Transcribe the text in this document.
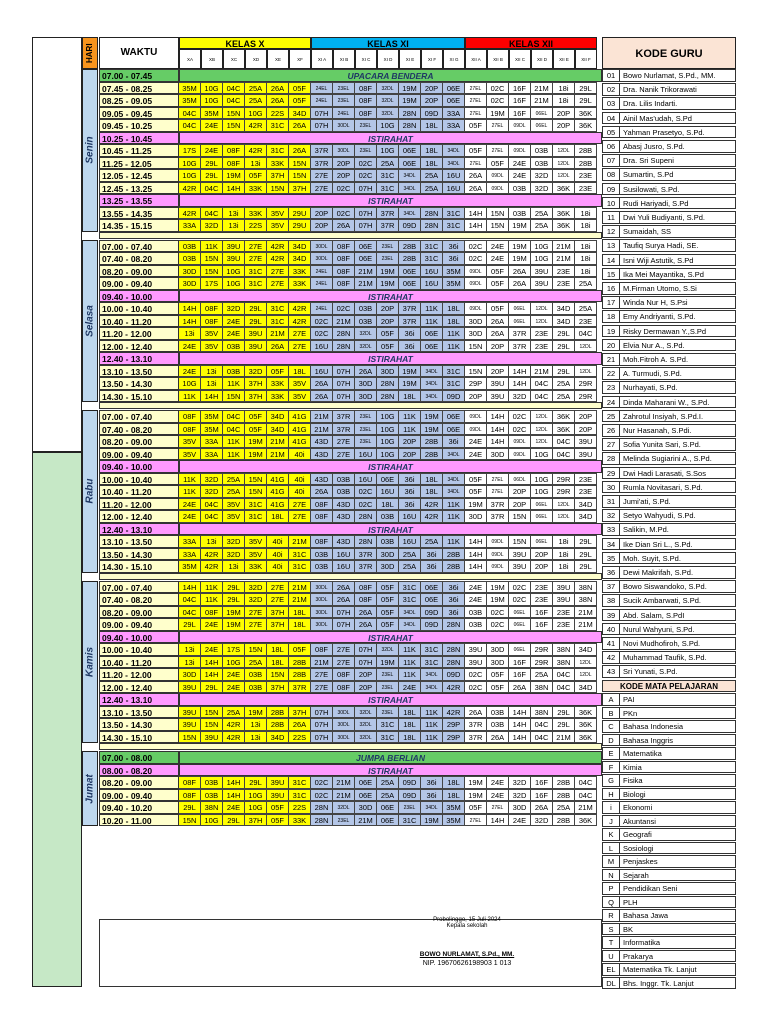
HARI	WAKTU
KELAS X
XA	XB	XC	XD	XE	XF
KELAS XI
XI A	XI B	XI C	XI D	XI E	XI F	XI G
KELAS XII
XII A	XII B	XII C	XII D	XII E	XII F	KODE GURU
07.00 - 07.45	UPACARA BENDERA
07.45 - 08.25	35M	10G	04C	25A	26A	05F	24EL	23EL	08F	32DL	19M	20P	06E	27EL	02C	16F	21M	18i	29L
08.25 - 09.05	35M	10G	04C	25A	26A	05F	24EL	23EL	08F	32DL	19M	20P	06E	27EL	02C	16F	21M	18i	29L
09.05 - 09.45	04C	35M	15N	10G	22S	34D	07H	24EL	08F	32DL	28N	09D	33A	27EL	19M	16F	06EL	20P	36K
09.45 - 10.25	04C	24E	15N	42R	31C	26A	07H	30DL	23EL	10G	28N	18L	33A	05F	27EL	09DL	06EL	20P	36K
10.25 - 10.45	ISTIRAHAT
10.45 - 11.25	17S	24E	08F	42R	31C	26A	37R	30DL	23EL	10G	06E	18L	34DL	05F	27EL	09DL	03B	12DL	28B
11.25 - 12.05	10G	29L	08F	13i	33K	15N	37R	20P	02C	25A	06E	18L	34DL	27EL	05F	24E	03B	12DL	28B
12.05 - 12.45	10G	29L	19M	05F	37H	15N	27E	20P	02C	31C	34DL	25A	16U	26A	09DL	24E	32D	12DL	23E
12.45 - 13.25	42R	04C	14H	33K	15N	37H	27E	02C	07H	31C	34DL	25A	16U	26A	09DL	03B	32D	36K	23E
13.25 - 13.55	ISTIRAHAT
13.55 - 14.35	42R	04C	13i	33K	35V	29U	20P	02C	07H	37R	34DL	28N	31C	14H	15N	03B	25A	36K	18i
14.35 - 15.15	33A	32D	13i	22S	35V	29U	20P	26A	07H	37R	09D	28N	31C	14H	15N	19M	25A	36K	18i
Senin
07.00 - 07.40	03B	11K	39U	27E	42R	34D	30DL	08F	06E	23EL	28B	31C	36i	02C	24E	19M	10G	21M	18i
07.40 - 08.20	03B	15N	39U	27E	42R	34D	30DL	08F	06E	23EL	28B	31C	36i	02C	24E	19M	10G	21M	18i
08.20 - 09.00	30D	15N	10G	31C	27E	33K	24EL	08F	21M 19M	06E	16U	35M	09DL	05F	26A	39U	23E	18i
09.00 - 09.40	30D	17S	10G	31C	27E	33K	24EL	08F	21M 19M	06E	16U	35M	09DL	05F	26A	39U	23E	25A
09.40 - 10.00	ISTIRAHAT
10.00 - 10.40	14H	08F	32D	29L	31C	42R	24EL	02C	03B	20P	37R	11K	18L	09DL	05F	06EL	12DL	34D	25A
10.40 - 11.20	14H	08F	24E	29L	31C	42R	02C	21M	03B	20P	37R	11K	18L	30D	26A	06EL	12DL	34D	23E
11.20 - 12.00	13i	35V	24E	39U	21M	27E	02C	28N	32DL	05F	36i	06E	11K	30D	26A	37R	23E	29L	04C
12.00 - 12.40	24E	35V	03B	39U	26A	27E	16U	28N	32DL	05F	36i	06E	11K	15N	20P	37R	23E	29L	12DL
12.40 - 13.10	ISTIRAHAT
13.10 - 13.50	24E	13i	03B	32D	05F	18L	16U	07H	26A	30D	19M	34DL	31C	15N	20P	14H	21M	29L	12DL
13.50 - 14.30	10G	13i	11K	37H	33K	35V	26A	07H	30D	28N	19M	34DL	31C	29P	39U	14H	04C	25A	29R
14.30 - 15.10	11K	14H	15N	37H	33K	35V	26A	07H	30D	28N	18L	34DL	09D	20P	39U	32D	04C	25A	29R
Selasa
07.00 - 07.40	08F	35M	04C	05F	34D	41G	21M	37R	23EL	10G	11K	19M	06E	09DL	14H	02C	12DL	36K	20P
07.40 - 08.20	08F	35M	04C	05F	34D	41G	21M	37R	23EL	10G	11K	19M	06E	09DL	14H	02C	12DL	36K	20P
08.20 - 09.00	35V	33A	11K	19M 21M	41G	43D	27E	23EL	10G	20P	28B	36i	24E	14H	09DL	12DL	04C	39U
09.00 - 09.40	35V	33A	11K	19M 21M	40i	43D	27E	16U	10G	20P	28B	34DL	24E	30D	09DL	10G	04C	39U
09.40 - 10.00	ISTIRAHAT
10.00 - 10.40	11K	32D	25A	15N	41G	40i	43D	03B	16U	06E	36i	18L	34DL	05F	27EL	06DL	10G	29R	23E
10.40 - 11.20	11K	32D	25A	15N	41G	40i	26A	03B	02C	16U	36i	18L	34DL	05F	27EL	20P	10G	29R	23E
11.20 - 12.00	24E	04C	35V	31C	41G	27E	08F	43D	02C	18L	36i	42R	11K	19M	37R	20P	06EL	12DL	34D
12.00 - 12.40	24E	04C	35V	31C	18L	27E	08F	43D	28N	03B	16U	42R	11K	30D	37R	15N	06EL	12DL	34D
12.40 - 13.10	ISTIRAHAT
13.10 - 13.50	33A	13i	32D	35V	40i	21M	08F	43D	28N	03B	16U	25A	11K	14H	09DL	15N	06EL	18i	29L
13.50 - 14.30	33A	42R	32D	35V	40i	31C	03B	16U	37R	30D	25A	36i	28B	14H	09DL	39U	20P	18i	29L
14.30 - 15.10	35M	42R	13i	33K	40i	31C	03B	16U	37R	30D	25A	36i	28B	14H	09DL	39U	20P	18i	29L
Rabu
07.00 - 07.40	14H	11K	29L	32D	27E	21M	30DL	26A	08F	05F	31C	06E	36i	24E	19M	02C	23E	39U	38N
07.40 - 08.20	04C	11K	29L	32D	27E	21M	30DL	26A	08F	05F	31C	06E	36i	24E	19M	02C	23E	39U	38N
08.20 - 09.00	04C	08F	19M	27E	37H	18L	30DL	07H	26A	05F	34DL	09D	36i	03B	02C	06EL	16F	23E	21M
09.00 - 09.40	29L	24E	19M	27E	37H	18L	30DL	07H	26A	05F	34DL	09D	28N	03B	02C	06EL	16F	23E	21M
09.40 - 10.00	ISTIRAHAT
10.00 - 10.40	13i	24E	17S	15N	18L	05F	08F	27E	07H	32DL	11K	31C	28N	39U	30D	06EL	29R	38N	34D
10.40 - 11.20	13i	14H	10G	25A	18L	28B	21M	27E	07H	19M	11K	31C	28N	39U	30D	16F	29R	38N	12DL
11.20 - 12.00	30D	14H	24E	03B	15N	28B	27E	08F	20P	23EL	11K	34DL	09D	02C	05F	16F	25A	04C	12DL
12.00 - 12.40	39U	29L	24E	03B	37H	37R	27E	08F	20P	23EL	24E	34DL	42R	02C	05F	26A	38N	04C	34D
12.40 - 13.10	ISTIRAHAT
13.10 - 13.50	39U	15N	25A	19M	28B	37H	07H	30DL	32DL	23EL	18L	11K	42R	26A	03B	14H	38N	29L	36K
13.50 - 14.30	39U	15N	42R	13i	28B	26A	07H	30DL	32DL	31C	18L	11K	29P	37R	03B	14H	04C	29L	36K
14.30 - 15.10	15N	39U	42R	13i	34D	22S	07H	30DL	32DL	31C	18L	11K	29P	37R	26A	14H	04C	21M	36K
Kamis
07.00 - 08.00	JUMPA BERLIAN
08.00 - 08.20	ISTIRAHAT
08.20 - 09.00	08F	03B	14H	29L	39U	31C	02C	21M	06E	25A	09D	36i	18L	19M	24E	32D	16F	28B	04C
09.00 - 09.40	08F	03B	14H	10G	39U	31C	02C	21M	06E	25A	09D	36i	18L	19M	24E	32D	16F	28B	04C
09.40 - 10.20	29L	38N	24E	10G	05F	22S	28N	32DL	30D	06E	23EL	34DL	35M	05F	27EL	30D	26A	25A	21M
10.20 - 11.00	15N	10G	29L	37H	05F	33K	28N	23EL	21M	06E	31C	19M 35M	27EL	14H	24E	32D	28B	36K
Jumat
01 Bowo Nurlamat, S.Pd., MM.
02 Dra. Nanik Trikorawati
03 Dra. Lilis Indarti.
04 Ainil Mas'udah, S.Pd
05 Yahman Prasetyo, S.Pd.
06 Abasj Jusro, S.Pd.
07 Dra. Sri Supeni
08 Sumartin, S.Pd
09 Susilowati, S.Pd.
10 Rudi Hariyadi, S.Pd
11 Dwi Yuli Budiyanti, S.Pd.
12 Sumaidah, SS
13 Taufiq Surya Hadi, SE.
14 Isni Wiji Astutik, S.Pd
15 Ika Mei Mayantika, S.Pd
16 M.Firman Utomo, S.Si
17 Winda Nur H, S.Psi
18 Emy Andriyanti, S.Pd.
19 Risky Dermawan Y.,S.Pd
20 Elvia Nur A., S.Pd.
21 Moh.Fitroh A. S.Pd.
22 A. Turmudi, S.Pd.
23 Nurhayati, S.Pd.
24 Dinda Maharani W., S.Pd.
25 Zahrotul Insiyah, S.Pd.I.
26 Nur Hasanah, S.Pdi.
27 Sofia Yunita Sari, S.Pd.
28 Melinda Sugiarini A., S.Pd.
29 Dwi Hadi Larasati, S.Sos
30 Rumla Novitasari, S.Pd.
31 Jumi'ati, S.Pd.
32 Setyo Wahyudi, S.Pd.
33 Salikin, M.Pd.
34 Ike Dian Sri L., S.Pd.
35 Moh. Suyit, S.Pd.
36 Dewi Makrifah, S.Pd.
37 Bowo Siswandoko, S.Pd.
38 Sucik Ambarwati, S.Pd.
39 Abd. Salam, S.PdI
40 Nurul Wahyuni, S.Pd.
41 Novi Mudhofiroh, S.Pd.
42 Muhammad Taufik, S.Pd.
43 Sri Yunati, S.Pd.
KODE MATA PELAJARAN
A PAI
B PKn
C Bahasa Indonesia
D Bahasa Inggris
E Matematika
F Kimia
G Fisika
H Biologi
i Ekonomi
J Akuntansi
K Geografi
L Sosiologi
M Penjaskes
N Sejarah
P Pendidikan Seni
Q PLH
R Bahasa Jawa
S BK
T Informatika
U Prakarya
EL Matematika Tk. Lanjut
DL Bhs. Inggr. Tk. Lanjut
Probolinggo, 15 Juli 2024
Kepala sekolah
BOWO NURLAMAT, S.Pd., MM.
NIP. 19670626198903 1 013
